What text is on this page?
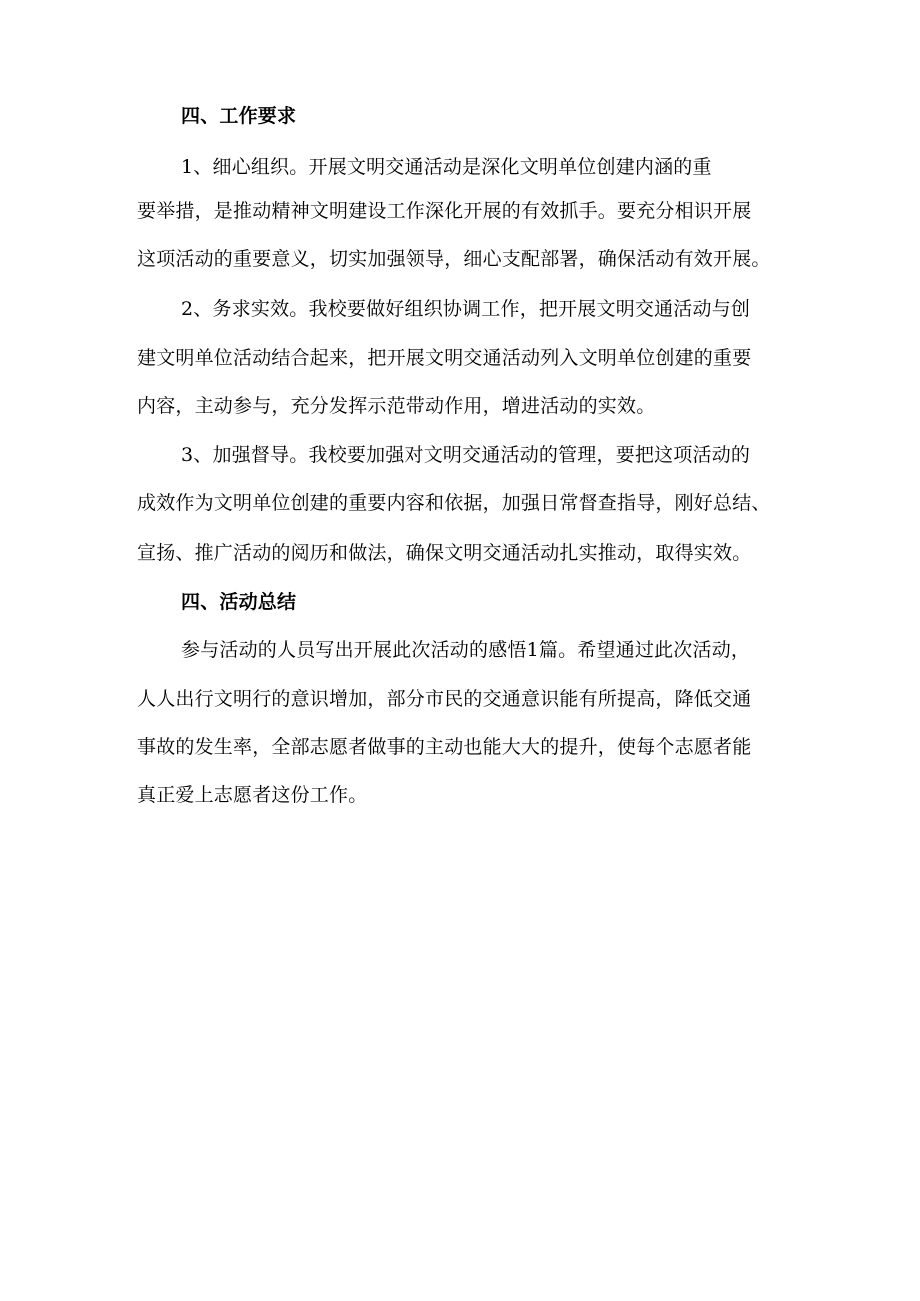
四、工作要求
1、细心组织。开展文明交通活动是深化文明单位创建内涵的重
要举措，是推动精神文明建设工作深化开展的有效抓手。要充分相识开展
这项活动的重要意义，切实加强领导，细心支配部署，确保活动有效开展。
2、务求实效。我校要做好组织协调工作，把开展文明交通活动与创
建文明单位活动结合起来，把开展文明交通活动列入文明单位创建的重要
内容，主动参与，充分发挥示范带动作用，增进活动的实效。
3、加强督导。我校要加强对文明交通活动的管理，要把这项活动的
成效作为文明单位创建的重要内容和依据，加强日常督查指导，刚好总结、
宣扬、推广活动的阅历和做法，确保文明交通活动扎实推动，取得实效。
四、活动总结
参与活动的人员写出开展此次活动的感悟1篇。希望通过此次活动，
人人出行文明行的意识增加，部分市民的交通意识能有所提高，降低交通
事故的发生率，全部志愿者做事的主动也能大大的提升，使每个志愿者能
真正爱上志愿者这份工作。
